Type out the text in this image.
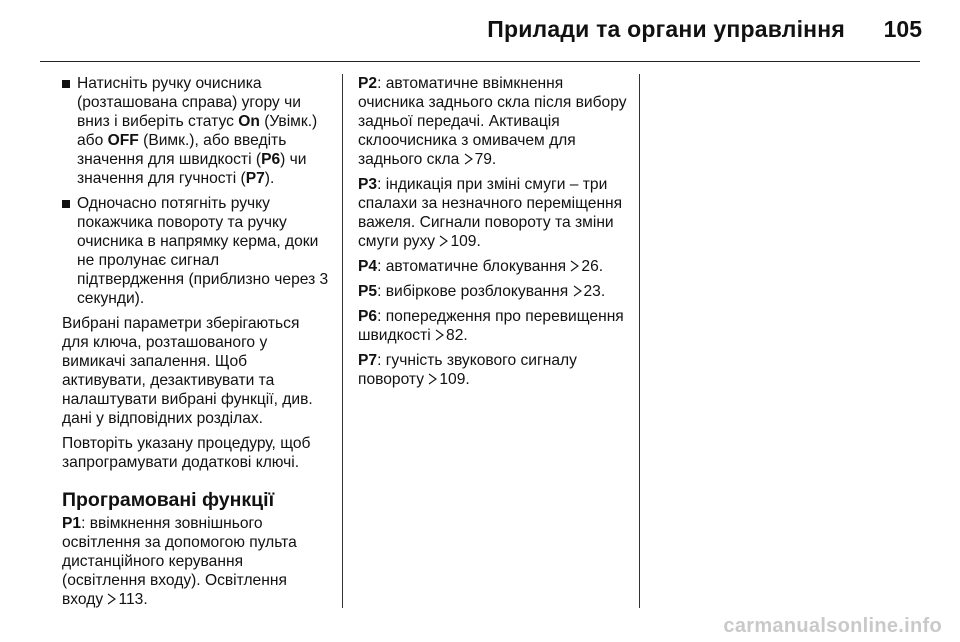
Прилади та органи управління 105
Натисніть ручку очисника (розташована справа) угору чи вниз і виберіть статус On (Увімк.) або OFF (Вимк.), або введіть значення для швидкості (P6) чи значення для гучності (P7).
Одночасно потягніть ручку покажчика повороту та ручку очисника в напрямку керма, доки не пролунає сигнал підтвердження (приблизно через 3 секунди).

Вибрані параметри зберігаються для ключа, розташованого у вимикачі запалення. Щоб активувати, дезактивувати та налаштувати вибрані функції, див. дані у відповідних розділах.

Повторіть указану процедуру, щоб запрограмувати додаткові ключі.

Програмовані функції

P1: ввімкнення зовнішнього освітлення за допомогою пульта дистанційного керування (освітлення входу). Освітлення входу 113.

P2: автоматичне ввімкнення очисника заднього скла після вибору задньої передачі. Активація склоочисника з омивачем для заднього скла 79.

P3: індикація при зміні смуги – три спалахи за незначного переміщення важеля. Сигнали повороту та зміни смуги руху 109.

P4: автоматичне блокування 26.

P5: вибіркове розблокування 23.

P6: попередження про перевищення швидкості 82.

P7: гучність звукового сигналу повороту 109.

carmanualsonline.info
